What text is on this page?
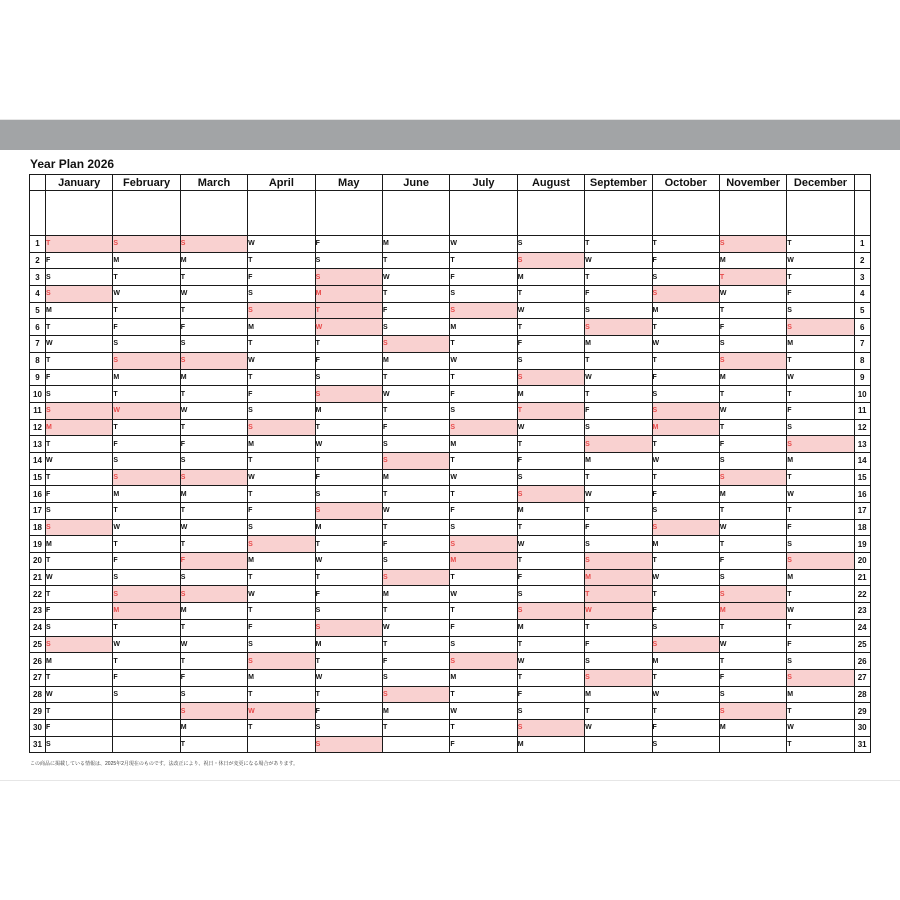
Year Plan 2026
	January	February	March	April	May	June	July	August	September	October	November	December	

1	T	S	S	W	F	M	W	S	T	T	S	T	1
2	F	M	M	T	S	T	T	S	W	F	M	W	2
3	S	T	T	F	S	W	F	M	T	S	T	T	3
4	S	W	W	S	M	T	S	T	F	S	W	F	4
5	M	T	T	S	T	F	S	W	S	M	T	S	5
6	T	F	F	M	W	S	M	T	S	T	F	S	6
7	W	S	S	T	T	S	T	F	M	W	S	M	7
8	T	S	S	W	F	M	W	S	T	T	S	T	8
9	F	M	M	T	S	T	T	S	W	F	M	W	9
10	S	T	T	F	S	W	F	M	T	S	T	T	10
11	S	W	W	S	M	T	S	T	F	S	W	F	11
12	M	T	T	S	T	F	S	W	S	M	T	S	12
13	T	F	F	M	W	S	M	T	S	T	F	S	13
14	W	S	S	T	T	S	T	F	M	W	S	M	14
15	T	S	S	W	F	M	W	S	T	T	S	T	15
16	F	M	M	T	S	T	T	S	W	F	M	W	16
17	S	T	T	F	S	W	F	M	T	S	T	T	17
18	S	W	W	S	M	T	S	T	F	S	W	F	18
19	M	T	T	S	T	F	S	W	S	M	T	S	19
20	T	F	F	M	W	S	M	T	S	T	F	S	20
21	W	S	S	T	T	S	T	F	M	W	S	M	21
22	T	S	S	W	F	M	W	S	T	T	S	T	22
23	F	M	M	T	S	T	T	S	W	F	M	W	23
24	S	T	T	F	S	W	F	M	T	S	T	T	24
25	S	W	W	S	M	T	S	T	F	S	W	F	25
26	M	T	T	S	T	F	S	W	S	M	T	S	26
27	T	F	F	M	W	S	M	T	S	T	F	S	27
28	W	S	S	T	T	S	T	F	M	W	S	M	28
29	T		S	W	F	M	W	S	T	T	S	T	29
30	F		M	T	S	T	T	S	W	F	M	W	30
31	S		T		S		F	M		S		T	31
この商品に掲載している情報は、2025年2月現在のものです。法改正により、祝日・休日が変更になる場合があります。
